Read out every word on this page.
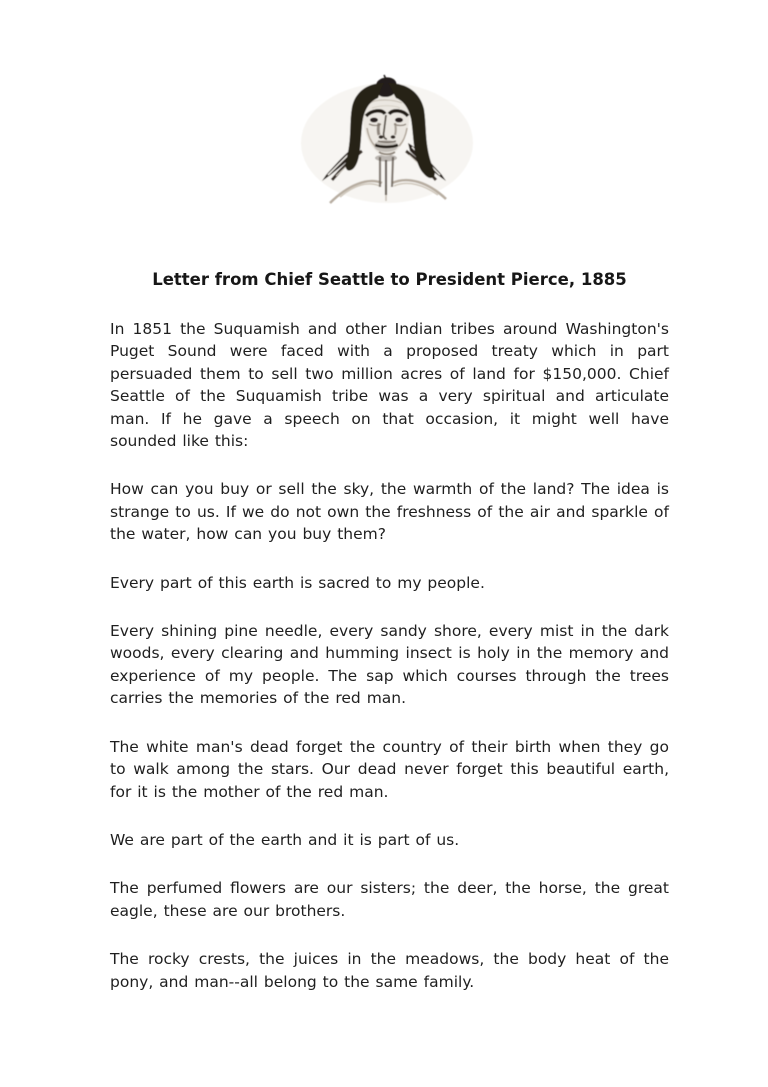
Letter from Chief Seattle to President Pierce, 1885

In 1851 the Suquamish and other Indian tribes around Washington's Puget Sound were faced with a proposed treaty which in part persuaded them to sell two million acres of land for $150,000. Chief Seattle of the Suquamish tribe was a very spiritual and articulate man. If he gave a speech on that occasion, it might well have sounded like this:

How can you buy or sell the sky, the warmth of the land? The idea is strange to us. If we do not own the freshness of the air and sparkle of the water, how can you buy them?

Every part of this earth is sacred to my people.

Every shining pine needle, every sandy shore, every mist in the dark woods, every clearing and humming insect is holy in the memory and experience of my people. The sap which courses through the trees carries the memories of the red man.

The white man's dead forget the country of their birth when they go to walk among the stars. Our dead never forget this beautiful earth, for it is the mother of the red man.

We are part of the earth and it is part of us.

The perfumed flowers are our sisters; the deer, the horse, the great eagle, these are our brothers.

The rocky crests, the juices in the meadows, the body heat of the pony, and man--all belong to the same family.
